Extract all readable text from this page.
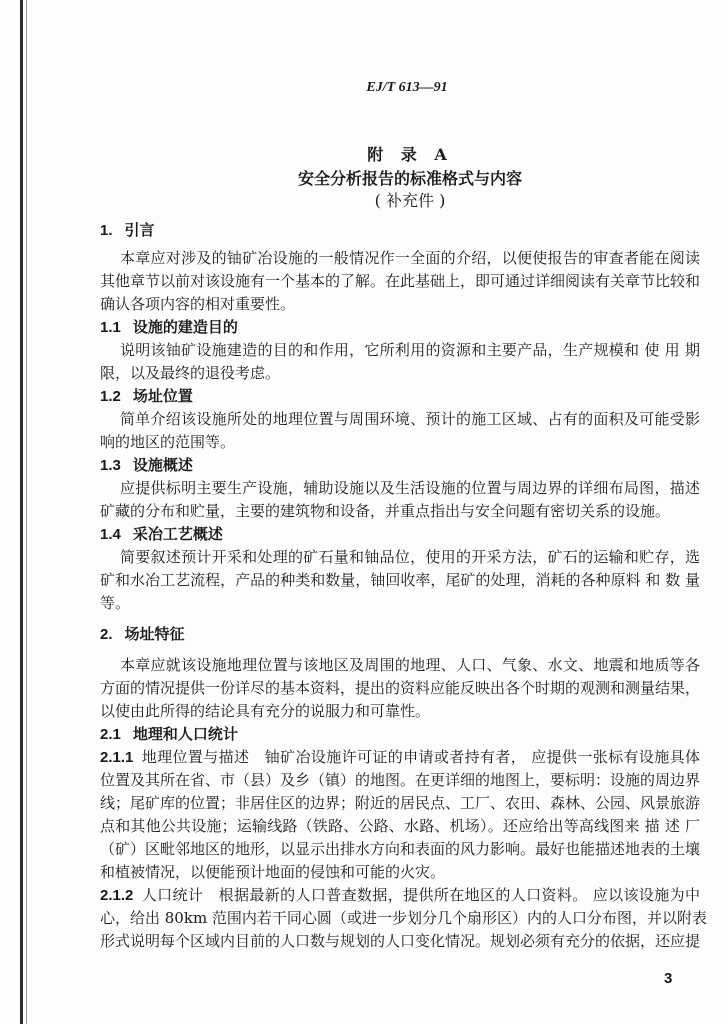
EJ/T 613—91
附 录 A
安全分析报告的标准格式与内容
( 补充件 )
1. 引言
本章应对涉及的铀矿冶设施的一般情况作一全面的介绍，以便使报告的审查者能在阅读
其他章节以前对该设施有一个基本的了解。在此基础上，即可通过详细阅读有关章节比较和
确认各项内容的相对重要性。
1.1 设施的建造目的
说明该铀矿设施建造的目的和作用，它所利用的资源和主要产品，生产规模和 使 用 期
限，以及最终的退役考虑。
1.2 场址位置
简单介绍该设施所处的地理位置与周围环境、预计的施工区域、占有的面积及可能受影
响的地区的范围等。
1.3 设施概述
应提供标明主要生产设施，辅助设施以及生活设施的位置与周边界的详细布局图，描述
矿藏的分布和贮量，主要的建筑物和设备，并重点指出与安全问题有密切关系的设施。
1.4 采冶工艺概述
简要叙述预计开采和处理的矿石量和铀品位，使用的开采方法，矿石的运输和贮存，选
矿和水冶工艺流程，产品的种类和数量，铀回收率，尾矿的处理，消耗的各种原料 和 数 量
等。
2. 场址特征
本章应就该设施地理位置与该地区及周围的地理、人口、气象、水文、地震和地质等各
方面的情况提供一份详尽的基本资料，提出的资料应能反映出各个时期的观测和测量结果，
以使由此所得的结论具有充分的说服力和可靠性。
2.1 地理和人口统计
2.1.1 地理位置与描述　铀矿冶设施许可证的申请或者持有者， 应提供一张标有设施具体
位置及其所在省、市（县）及乡（镇）的地图。在更详细的地图上，要标明：设施的周边界
线；尾矿库的位置；非居住区的边界；附近的居民点、工厂、农田、森林、公园、风景旅游
点和其他公共设施；运输线路（铁路、公路、水路、机场）。还应给出等高线图来 描 述 厂
（矿）区毗邻地区的地形，以显示出排水方向和表面的风力影响。最好也能描述地表的土壤
和植被情况，以便能预计地面的侵蚀和可能的火灾。
2.1.2 人口统计　根据最新的人口普查数据，提供所在地区的人口资料。 应以该设施为中
心，给出 80km 范围内若干同心圆（或进一步划分几个扇形区）内的人口分布图，并以附表
形式说明每个区域内目前的人口数与规划的人口变化情况。规划必须有充分的依据，还应提
3
